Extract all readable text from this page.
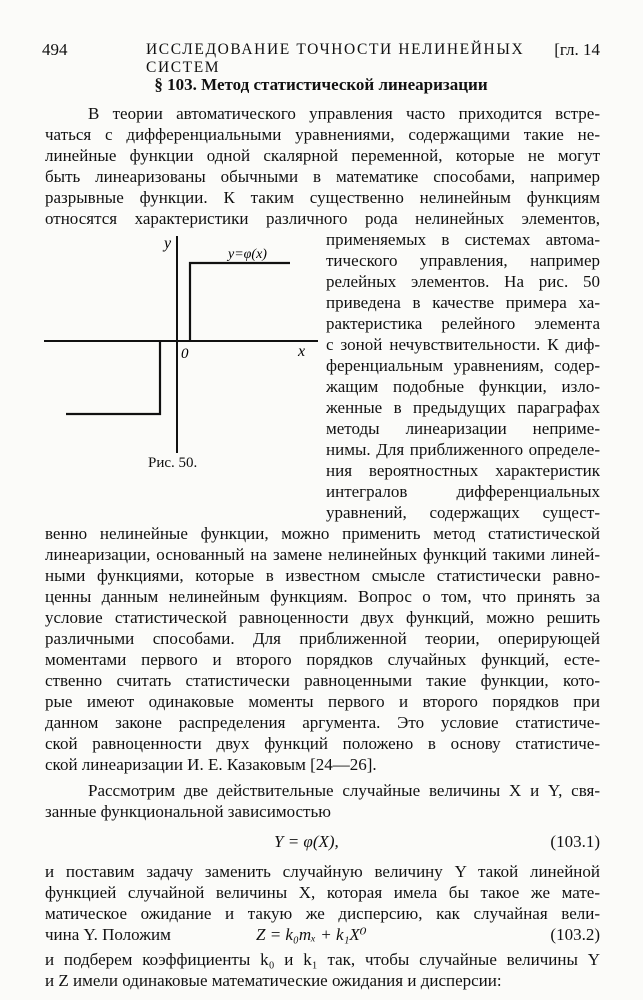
494	ИССЛЕДОВАНИЕ ТОЧНОСТИ НЕЛИНЕЙНЫХ СИСТЕМ
[гл. 14
§ 103. Метод статистической линеаризации
В теории автоматического управления часто приходится встре-
чаться с дифференциальными уравнениями, содержащими такие не-
линейные функции одной скалярной переменной, которые не могут
быть линеаризованы обычными в математике способами, например
разрывные функции. К таким существенно нелинейным функциям
относятся характеристики различного рода нелинейных элементов,
y
x
0
y=φ(x)
Рис. 50.
применяемых в системах автома-
тического управления, например
релейных элементов. На рис. 50
приведена в качестве примера ха-
рактеристика релейного элемента
с зоной нечувствительности. К диф-
ференциальным уравнениям, содер-
жащим подобные функции, изло-
женные в предыдущих параграфах
методы линеаризации неприме-
нимы. Для приближенного определе-
ния вероятностных характеристик
интегралов дифференциальных
уравнений, содержащих сущест-
венно нелинейные функции, можно применить метод статистической
линеаризации, основанный на замене нелинейных функций такими линей-
ными функциями, которые в известном смысле статистически равно-
ценны данным нелинейным функциям. Вопрос о том, что принять за
условие статистической равноценности двух функций, можно решить
различными способами. Для приближенной теории, оперирующей
моментами первого и второго порядков случайных функций, есте-
ственно считать статистически равноценными такие функции, кото-
рые имеют одинаковые моменты первого и второго порядков при
данном законе распределения аргумента. Это условие статистиче-
ской равноценности двух функций положено в основу статистиче-
ской линеаризации И. Е. Казаковым [24—26].
Рассмотрим две действительные случайные величины X и Y, свя-
занные функциональной зависимостью
Y = φ(X),	(103.1)
и поставим задачу заменить случайную величину Y такой линейной
функцией случайной величины X, которая имела бы такое же мате-
матическое ожидание и такую же дисперсию, как случайная вели-
чина Y. Положим	Z = k₀mₓ + k₁X⁰	(103.2)
и подберем коэффициенты k₀ и k₁ так, чтобы случайные величины Y
и Z имели одинаковые математические ожидания и дисперсии:
